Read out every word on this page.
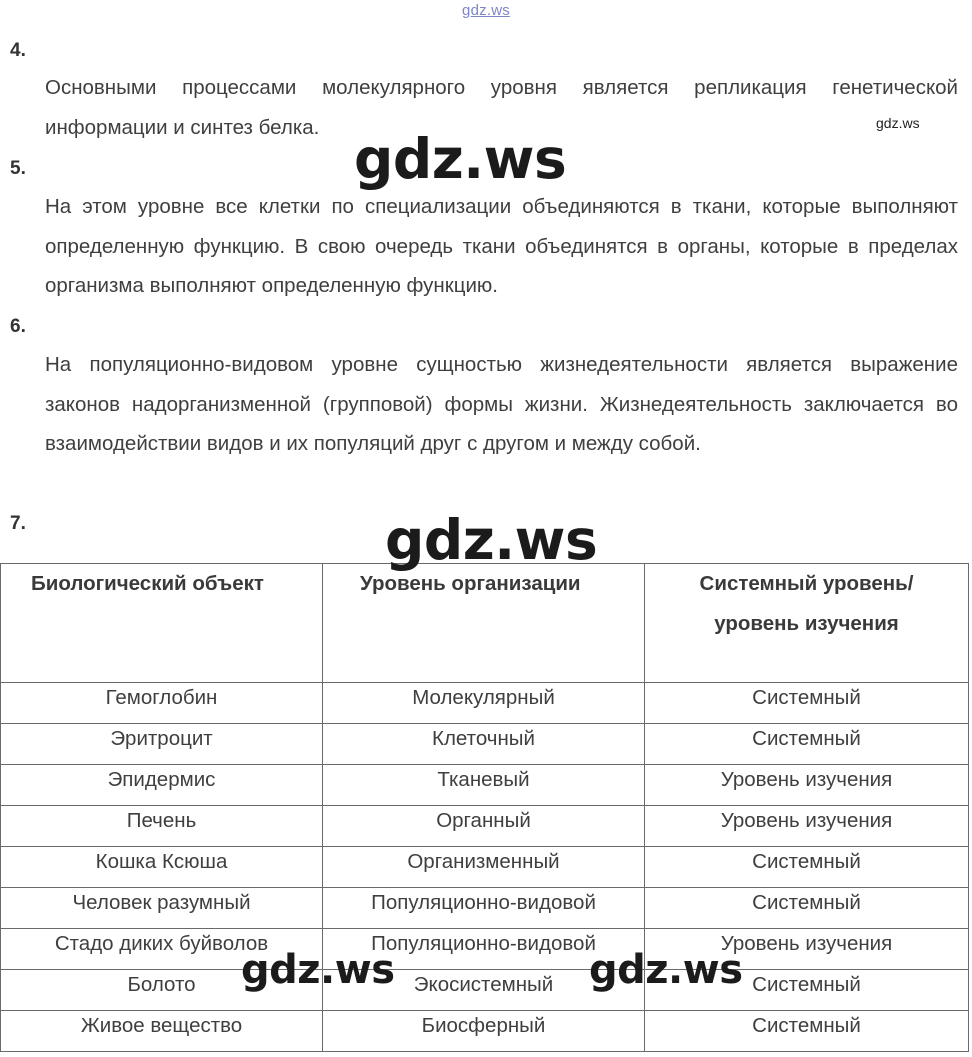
gdz.ws
gdz.ws
4.
Основными процессами молекулярного уровня является репликация генетической информации и синтез белка.
5.
На этом уровне все клетки по специализации объединяются в ткани, которые выполняют определенную функцию. В свою очередь ткани объединятся в органы, которые в пределах организма выполняют определенную функцию.
6.
На популяционно-видовом уровне сущностью жизнедеятельности является выражение законов надорганизменной (групповой) формы жизни. Жизнедеятельность заключается во взаимодействии видов и их популяций друг с другом и между собой.
7.
Биологический объект	Уровень организации	Системный уровень/уровень изучения

Гемоглобин	Молекулярный	Системный
Эритроцит	Клеточный	Системный
Эпидермис	Тканевый	Уровень изучения
Печень	Органный	Уровень изучения
Кошка Ксюша	Организменный	Системный
Человек разумный	Популяционно-видовой	Системный
Стадо диких буйволов	Популяционно-видовой	Уровень изучения
Болото	Экосистемный	Системный
Живое вещество	Биосферный	Системный
gdz.ws
gdz.ws
gdz.ws	gdz.ws
